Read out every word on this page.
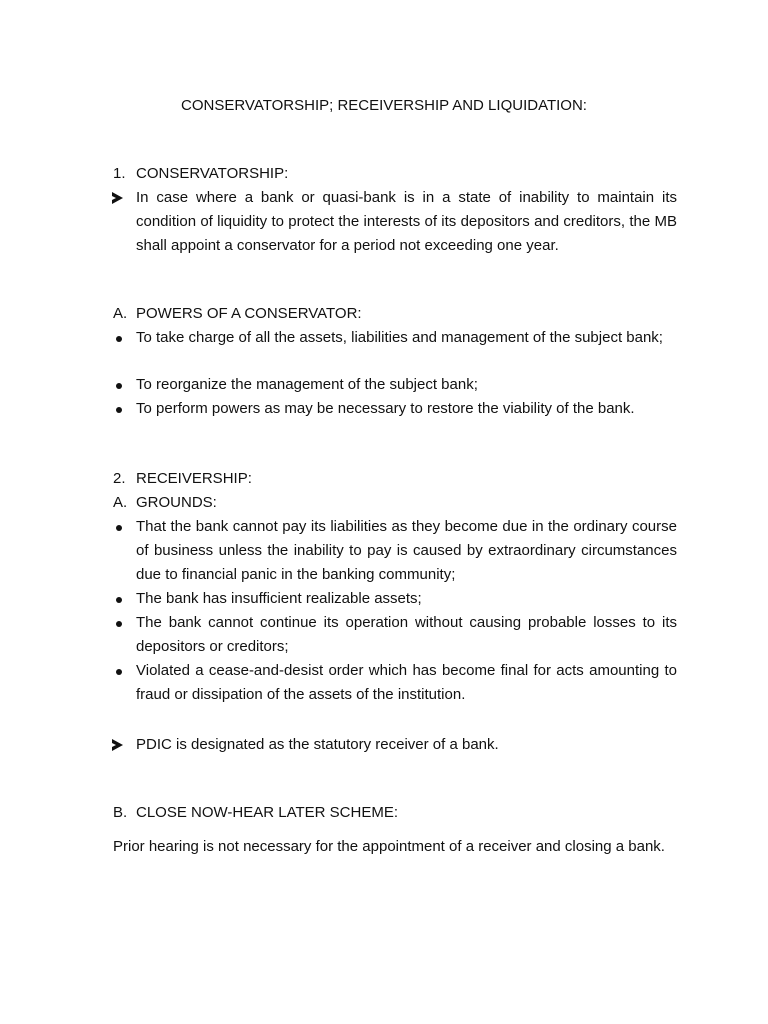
CONSERVATORSHIP; RECEIVERSHIP AND LIQUIDATION:
1. CONSERVATORSHIP:
In case where a bank or quasi-bank is in a state of inability to maintain its condition of liquidity to protect the interests of its depositors and creditors, the MB shall appoint a conservator for a period not exceeding one year.
A. POWERS OF A CONSERVATOR:
To take charge of all the assets, liabilities and management of the subject bank;
To reorganize the management of the subject bank;
To perform powers as may be necessary to restore the viability of the bank.
2. RECEIVERSHIP:
A. GROUNDS:
That the bank cannot pay its liabilities as they become due in the ordinary course of business unless the inability to pay is caused by extraordinary circumstances due to financial panic in the banking community;
The bank has insufficient realizable assets;
The bank cannot continue its operation without causing probable losses to its depositors or creditors;
Violated a cease-and-desist order which has become final for acts amounting to fraud or dissipation of the assets of the institution.
PDIC is designated as the statutory receiver of a bank.
B. CLOSE NOW-HEAR LATER SCHEME:
Prior hearing is not necessary for the appointment of a receiver and closing a bank.
